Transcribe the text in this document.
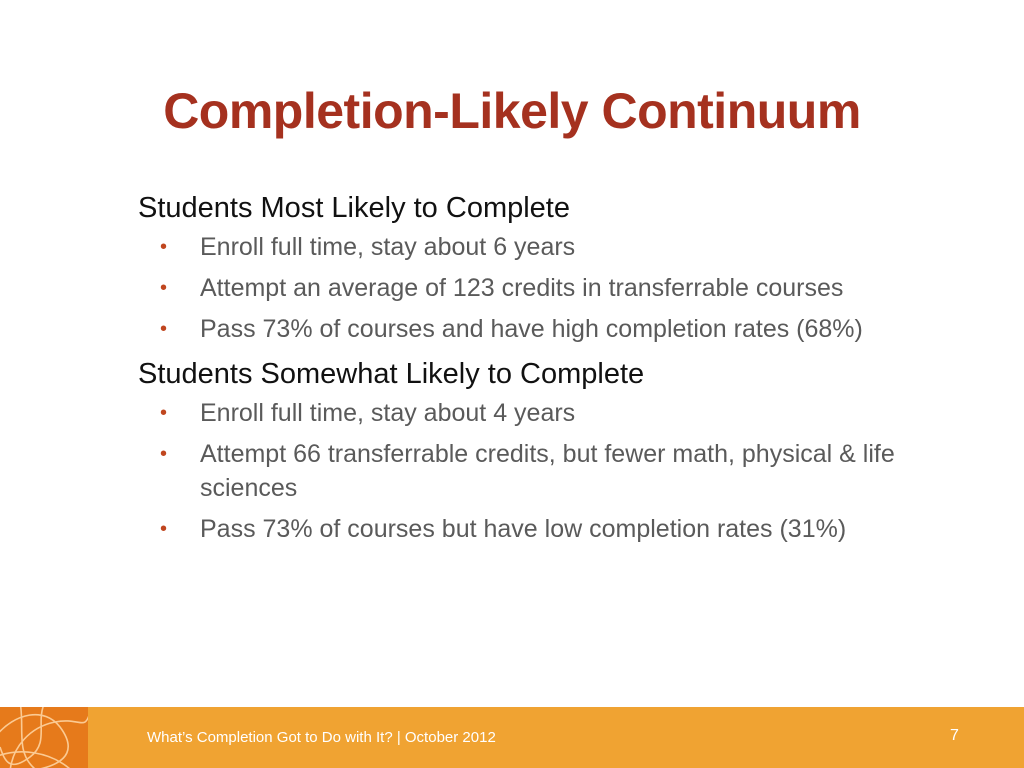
Completion-Likely Continuum

Students Most Likely to Complete

• Enroll full time, stay about 6 years
• Attempt an average of 123 credits in transferrable courses
• Pass 73% of courses and have high completion rates (68%)

Students Somewhat Likely to Complete

• Enroll full time, stay about 4 years
• Attempt 66 transferrable credits, but fewer math, physical & life sciences
• Pass 73% of courses but have low completion rates (31%)
What’s Completion Got to Do with It? | October 2012	7
